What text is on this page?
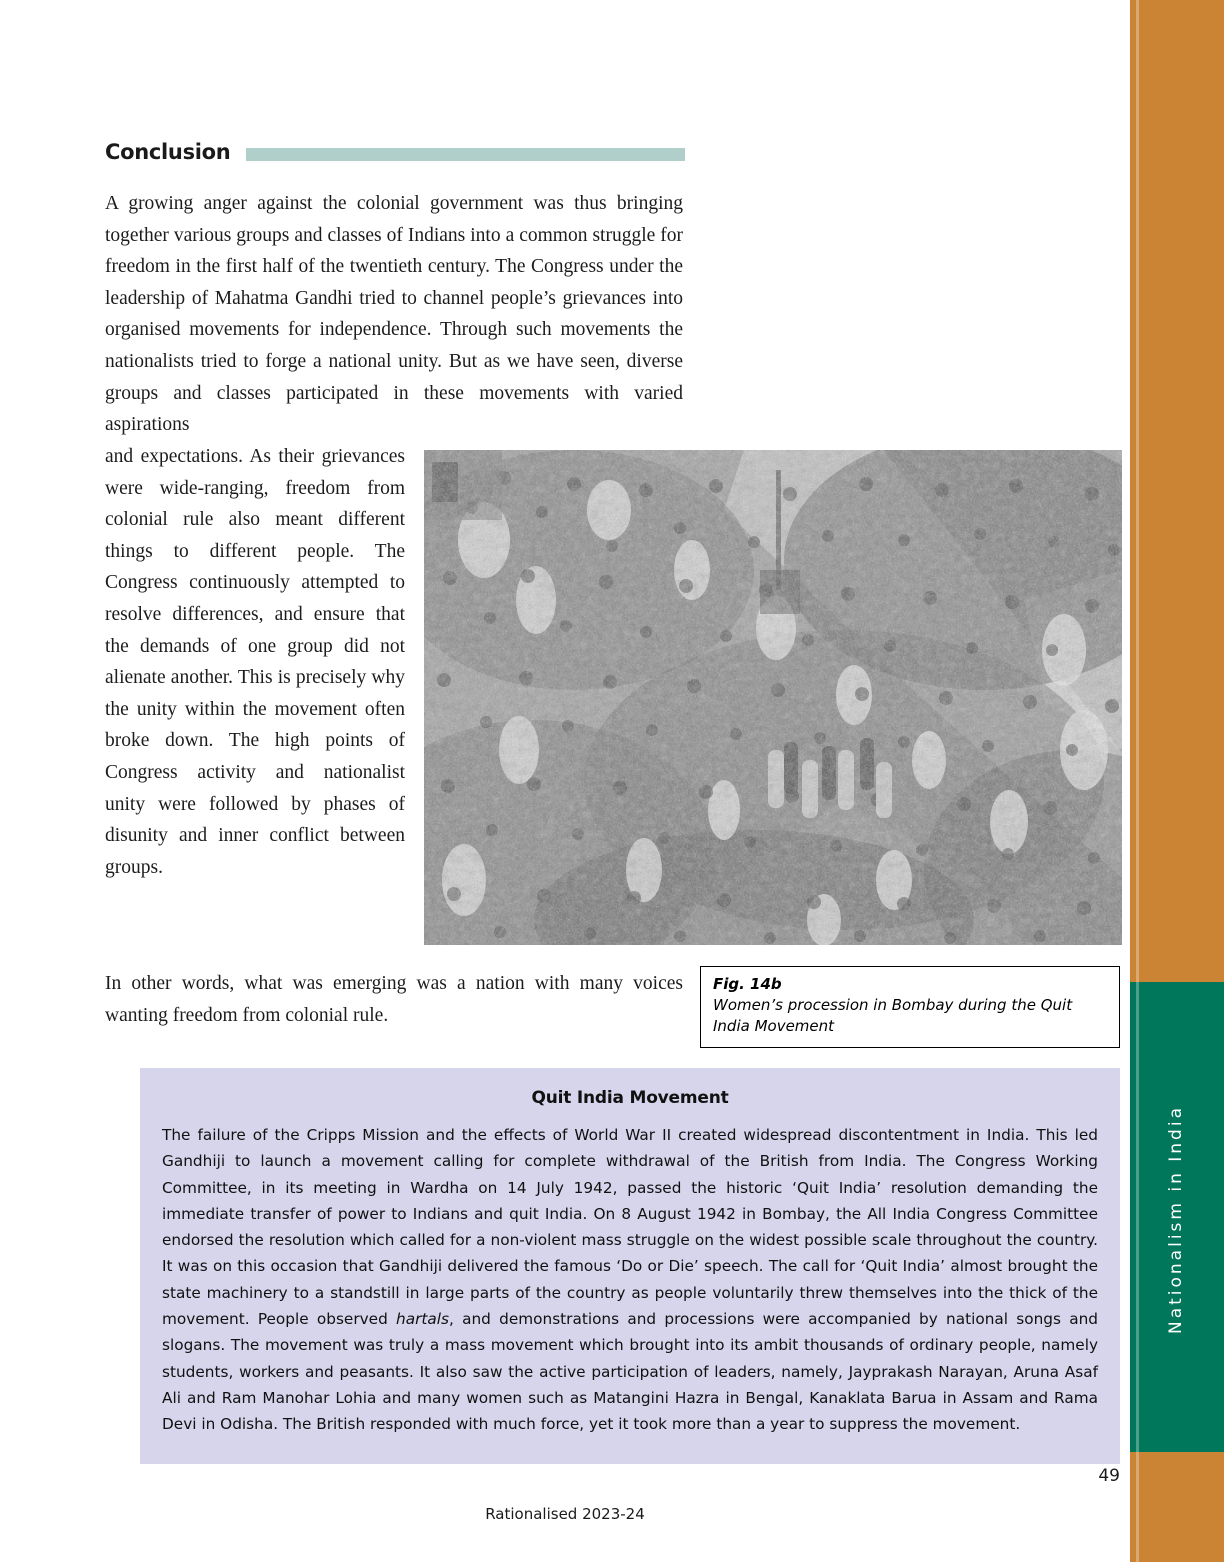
Nationalism in India
Conclusion
A growing anger against the colonial government was thus bringing together various groups and classes of Indians into a common struggle for freedom in the first half of the twentieth century. The Congress under the leadership of Mahatma Gandhi tried to channel people’s grievances into organised movements for independence. Through such movements the nationalists tried to forge a national unity. But as we have seen, diverse groups and classes participated in these movements with varied aspirations
and expectations. As their grievances were wide-ranging, freedom from colonial rule also meant different things to different people. The Congress continuously attempted to resolve differences, and ensure that the demands of one group did not alienate another. This is precisely why the unity within the movement often broke down. The high points of Congress activity and nationalist unity were followed by phases of disunity and inner conflict between groups.
In other words, what was emerging was a nation with many voices wanting freedom from colonial rule.
Fig. 14b
Women’s procession in Bombay during the Quit India Movement
Quit India Movement
The failure of the Cripps Mission and the effects of World War II created widespread discontentment in India. This led Gandhiji to launch a movement calling for complete withdrawal of the British from India. The Congress Working Committee, in its meeting in Wardha on 14 July 1942, passed the historic ‘Quit India’ resolution demanding the immediate transfer of power to Indians and quit India. On 8 August 1942 in Bombay, the All India Congress Committee endorsed the resolution which called for a non-violent mass struggle on the widest possible scale throughout the country. It was on this occasion that Gandhiji delivered the famous ‘Do or Die’ speech. The call for ‘Quit India’ almost brought the state machinery to a standstill in large parts of the country as people voluntarily threw themselves into the thick of the movement. People observed hartals, and demonstrations and processions were accompanied by national songs and slogans. The movement was truly a mass movement which brought into its ambit thousands of ordinary people, namely students, workers and peasants. It also saw the active participation of leaders, namely, Jayprakash Narayan, Aruna Asaf Ali and Ram Manohar Lohia and many women such as Matangini Hazra in Bengal, Kanaklata Barua in Assam and Rama Devi in Odisha. The British responded with much force, yet it took more than a year to suppress the movement.
49
Rationalised 2023-24
